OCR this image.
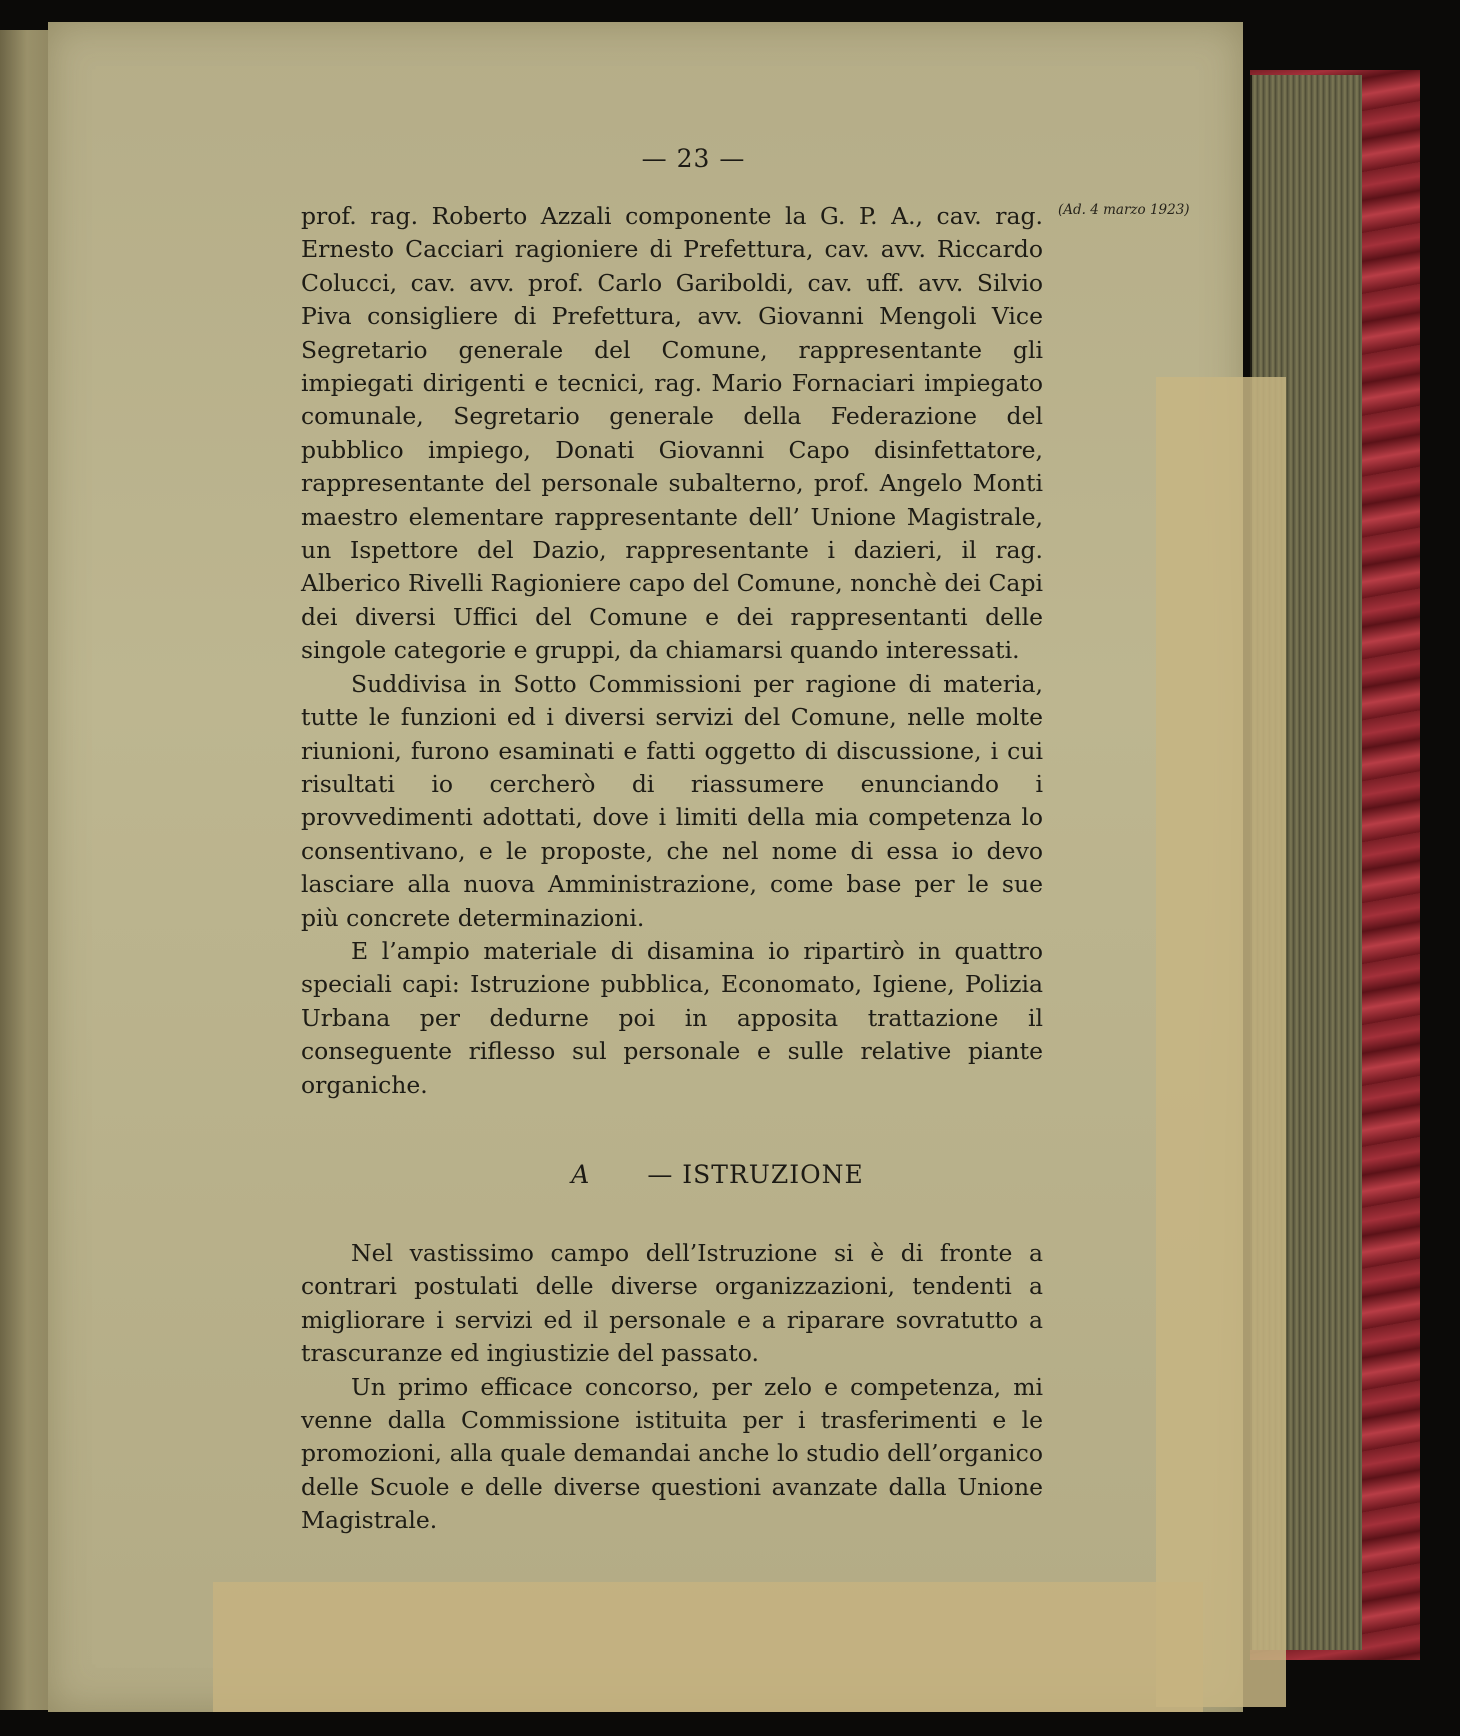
— 23 —
(Ad. 4 marzo 1923)

prof. rag. Roberto Azzali componente la G. P. A., cav. rag. Ernesto Cacciari ragioniere di Prefettura, cav. avv. Riccardo Colucci, cav. avv. prof. Carlo Gariboldi, cav. uff. avv. Silvio Piva consigliere di Prefettura, avv. Giovanni Mengoli Vice Segretario generale del Comune, rappresentante gli impiegati dirigenti e tecnici, rag. Mario Fornaciari impiegato comunale, Segretario generale della Federazione del pubblico impiego, Donati Giovanni Capo disinfettatore, rappresentante del personale subalterno, prof. Angelo Monti maestro elementare rappresentante dell’ Unione Magistrale, un Ispettore del Dazio, rappresentante i dazieri, il rag. Alberico Rivelli Ragioniere capo del Comune, nonchè dei Capi dei diversi Uffici del Comune e dei rappresentanti delle singole categorie e gruppi, da chiamarsi quando interessati.

Suddivisa in Sotto Commissioni per ragione di materia, tutte le funzioni ed i diversi servizi del Comune, nelle molte riunioni, furono esaminati e fatti oggetto di discussione, i cui risultati io cercherò di riassumere enunciando i provvedimenti adottati, dove i limiti della mia competenza lo consentivano, e le proposte, che nel nome di essa io devo lasciare alla nuova Amministrazione, come base per le sue più concrete determinazioni.

E l’ampio materiale di disamina io ripartirò in quattro speciali capi: Istruzione pubblica, Economato, Igiene, Polizia Urbana per dedurne poi in apposita trattazione il conseguente riflesso sul personale e sulle relative piante organiche.

A — ISTRUZIONE

Nel vastissimo campo dell’Istruzione si è di fronte a contrari postulati delle diverse organizzazioni, tendenti a migliorare i servizi ed il personale e a riparare sovratutto a trascuranze ed ingiustizie del passato.

Un primo efficace concorso, per zelo e competenza, mi venne dalla Commissione istituita per i trasferimenti e le promozioni, alla quale demandai anche lo studio dell’organico delle Scuole e delle diverse questioni avanzate dalla Unione Magistrale.
